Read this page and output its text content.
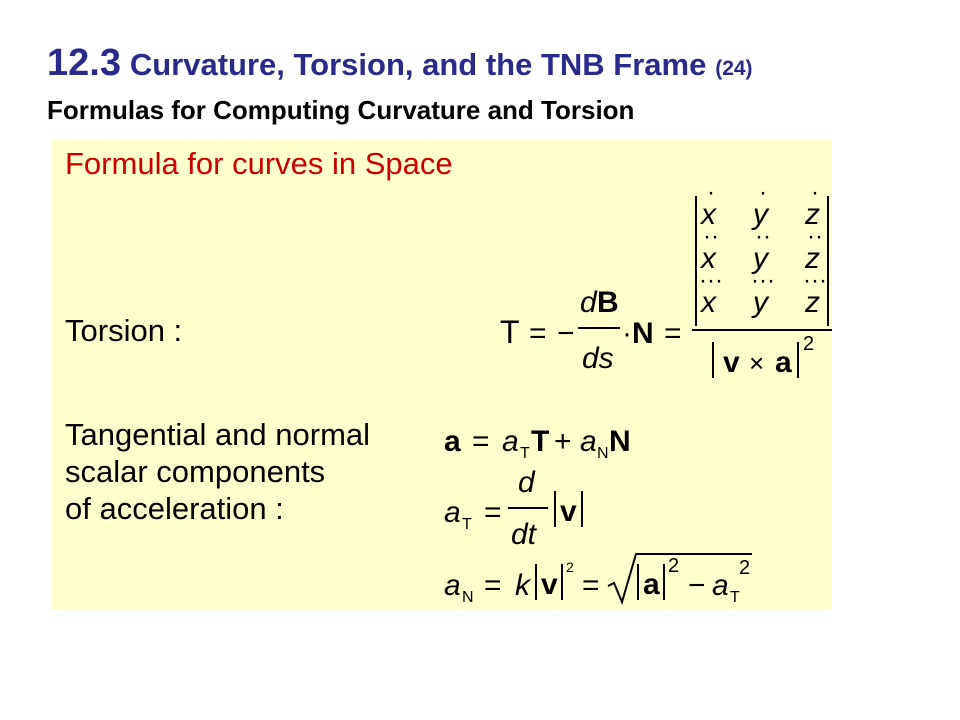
12.3 Curvature, Torsion, and the TNB Frame (24)
Formulas for Computing Curvature and Torsion
Formula for curves in Space
Torsion :
Tangential and normal
scalar components
of acceleration :
T = −
d B
ds
· N =
x y z
· · ·
x y z
·· ·· ··
x y z
··· ··· ···
v × a
2
a = a T T + a N N
a T =
d
dt
v
a N = k v
2
= a
2
− a T
2
